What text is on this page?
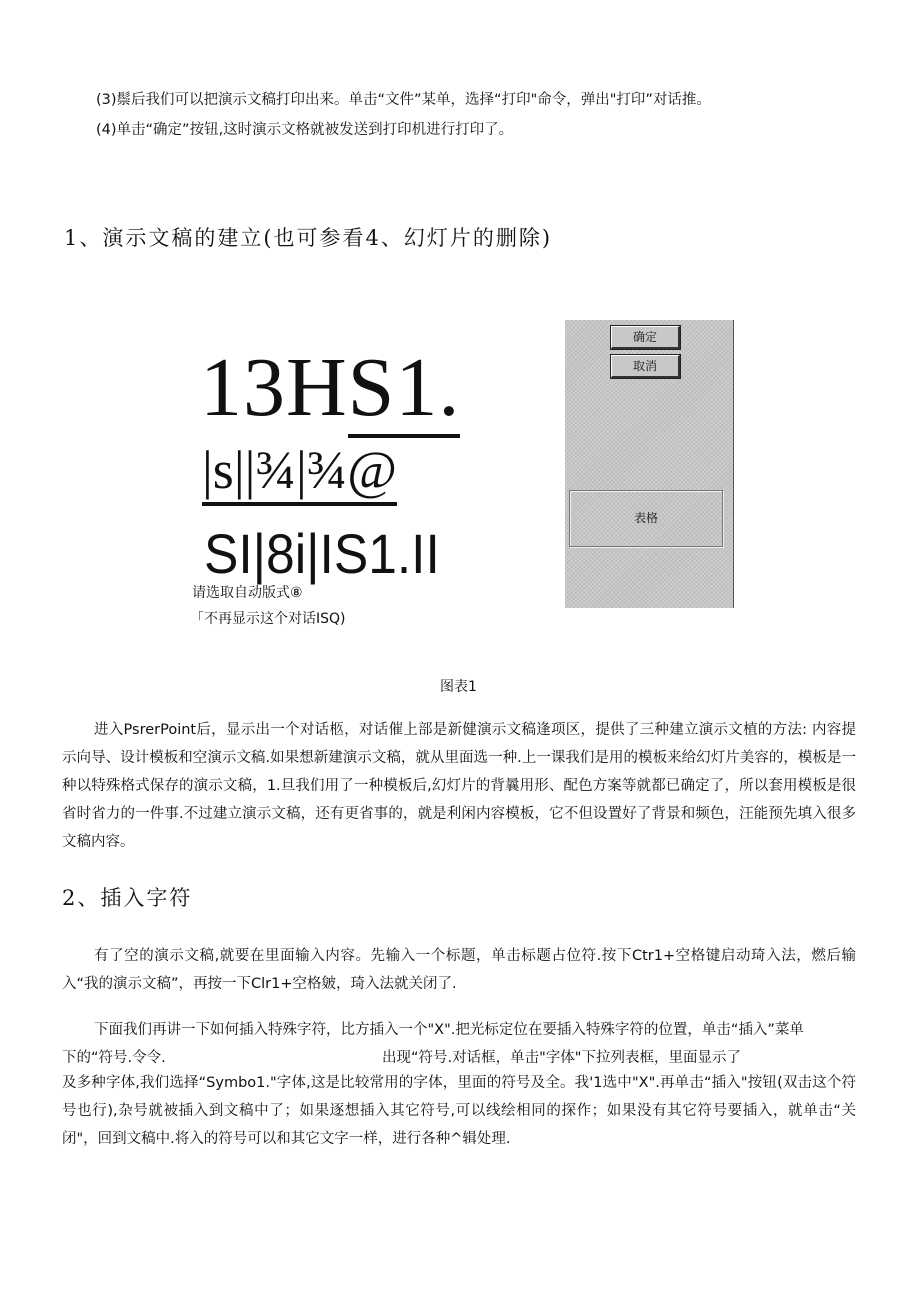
(3)鬃后我们可以把演示文稿打印出来。单击“文件”某单，选择“打印"命令，弹出"打印”对话推。
(4)单击“确定”按钮,这时演示文格就被发送到打印机进行打印了。
1、演示文稿的建立(也可参看4、幻灯片的删除)
13HS1.
|s||¾|¾@
SI|8i|IS1.II
请选取自动版式⑧
「不再显示这个对话ISQ)
确定
取消
表格
图表1
进入PsrerPoint后，显示出一个对话柩，对话催上部是新健演示文稿逢项区，提供了三种建立演示文植的方法: 内容提示向导、设计模板和空演示文稿.如果想新建演示文稿，就从里面选一种.上一课我们是用的模板来给幻灯片美容的，模板是一种以特殊格式保存的演示文稿，1.旦我们用了一种模板后,幻灯片的背曩用形、配色方案等就都已确定了，所以套用模板是很省时省力的一件事.不过建立演示文稿，还有更省事的，就是利闲内容模板，它不但设置好了背景和频色，汪能预先填入很多文稿内容。
2、插入字符
有了空的演示文稿,就要在里面输入内容。先输入一个标题，单击标题占位符.按下Ctr1+空格键启动琦入法，燃后输入“我的演示文稿”，再按一下Clr1+空格皴，琦入法就关闭了.
下面我们再讲一下如何插入特殊字符，比方插入一个"X".把光标定位在要插入特殊字符的位置，单击“插入”菜单
下的“符号.令令.	出现“符号.对话框，单击"字体"下拉列表框，里面显示了
及多种字体,我们选择“Symbo1."字体,这是比较常用的字体，里面的符号及全。我'1选中"X".再单击“插入"按钮(双击这个符号也行),杂号就被插入到文稿中了；如果逐想插入其它符号,可以线绘相同的探作；如果没有其它符号要插入，就单击“关闭"，回到文稿中.将入的符号可以和其它文字一样，进行各种^辑处理.
